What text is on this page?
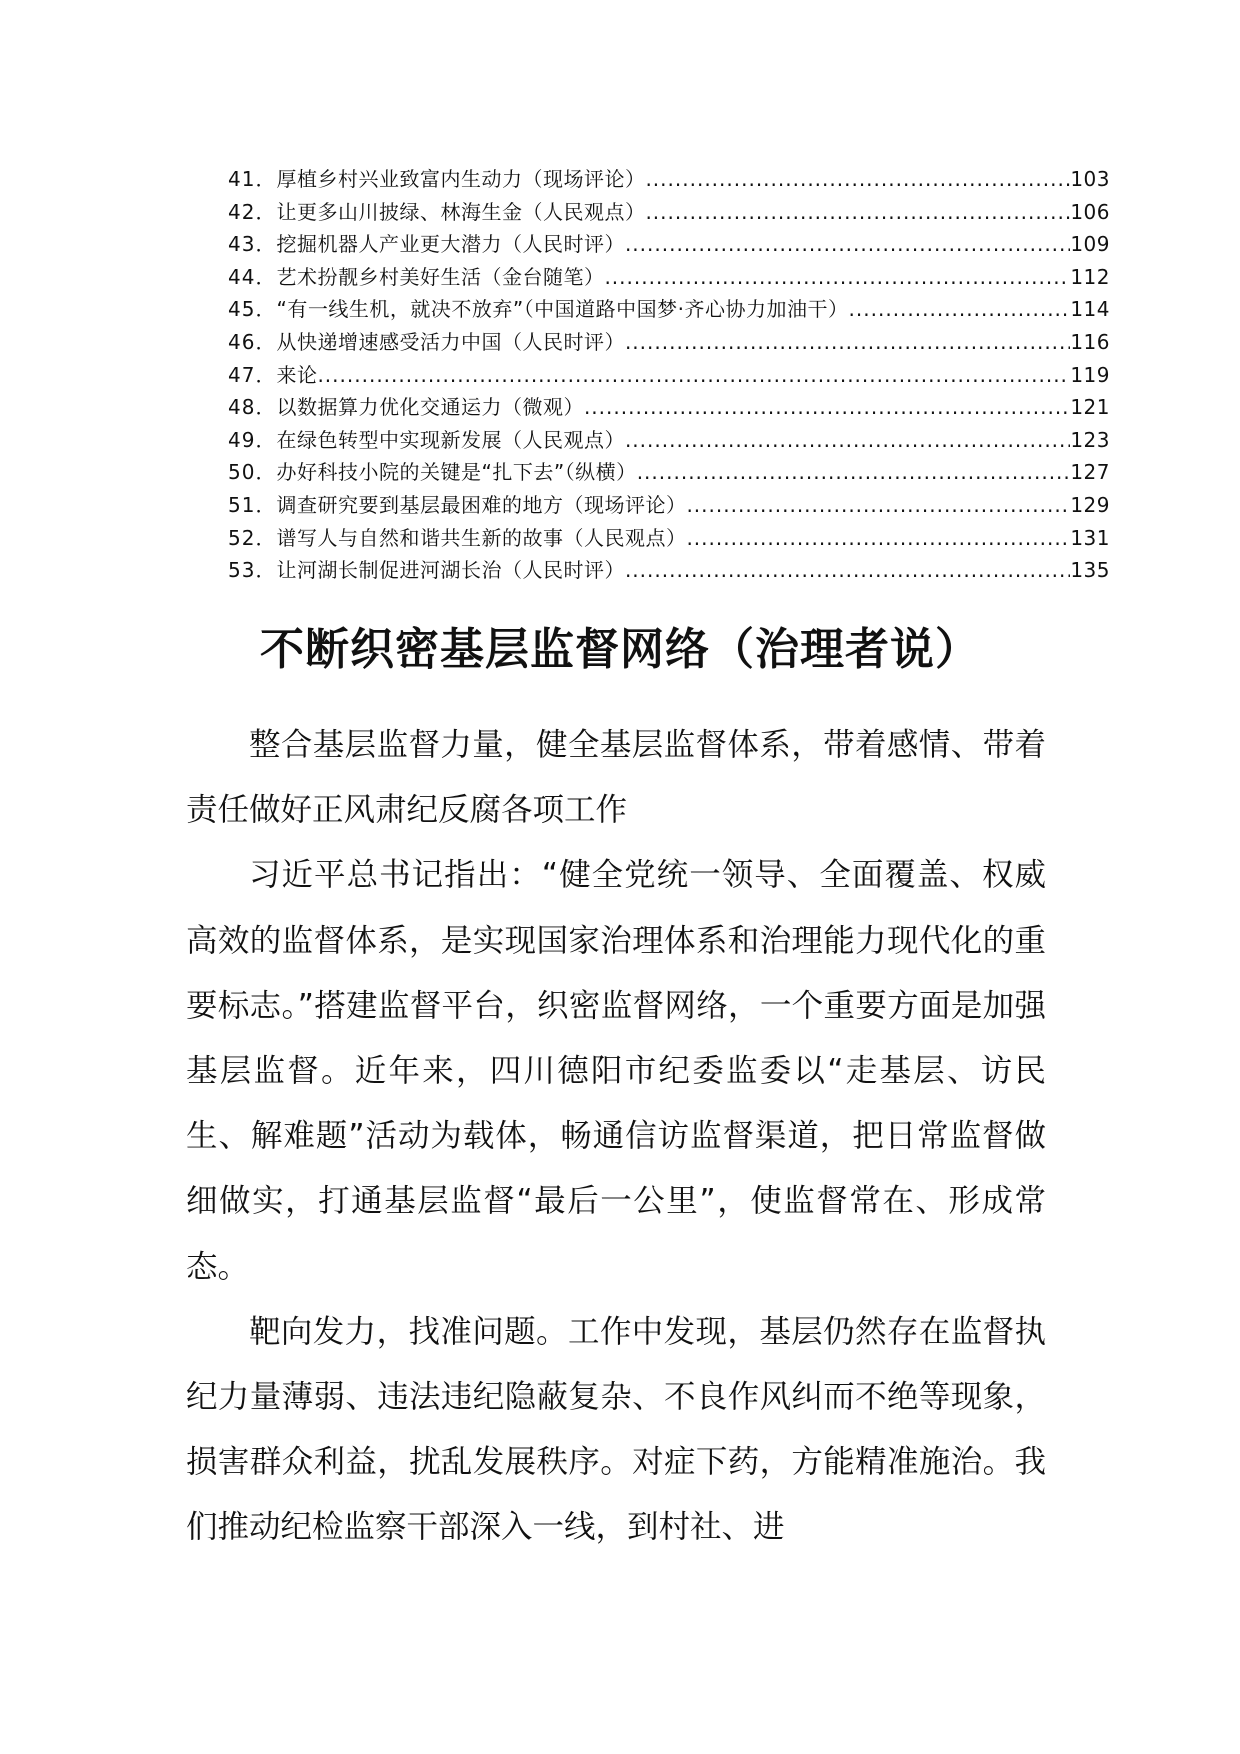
41． 厚植乡村兴业致富内生动力（现场评论） .....	103
42． 让更多山川披绿、林海生金（人民观点） .....	106
43． 挖掘机器人产业更大潜力（人民时评） .....	109
44． 艺术扮靓乡村美好生活（金台随笔） .....	112
45． “有一线生机，就决不放弃”（中国道路中国梦·齐心协力加油干） .....	114
46． 从快递增速感受活力中国（人民时评） .....	116
47． 来论 .....	119
48． 以数据算力优化交通运力（微观） .....	121
49． 在绿色转型中实现新发展（人民观点） .....	123
50． 办好科技小院的关键是“扎下去”（纵横） .....	127
51． 调查研究要到基层最困难的地方（现场评论） .....	129
52． 谱写人与自然和谐共生新的故事（人民观点） .....	131
53． 让河湖长制促进河湖长治（人民时评） .....	135
不断织密基层监督网络（治理者说）

整合基层监督力量，健全基层监督体系，带着感情、带着责任做好正风肃纪反腐各项工作

习近平总书记指出：“健全党统一领导、全面覆盖、权威高效的监督体系，是实现国家治理体系和治理能力现代化的重要标志。”搭建监督平台，织密监督网络，一个重要方面是加强基层监督。近年来，四川德阳市纪委监委以“走基层、访民生、解难题”活动为载体，畅通信访监督渠道，把日常监督做细做实，打通基层监督“最后一公里”，使监督常在、形成常态。

靶向发力，找准问题。工作中发现，基层仍然存在监督执纪力量薄弱、违法违纪隐蔽复杂、不良作风纠而不绝等现象，损害群众利益，扰乱发展秩序。对症下药，方能精准施治。我们推动纪检监察干部深入一线，到村社、进
